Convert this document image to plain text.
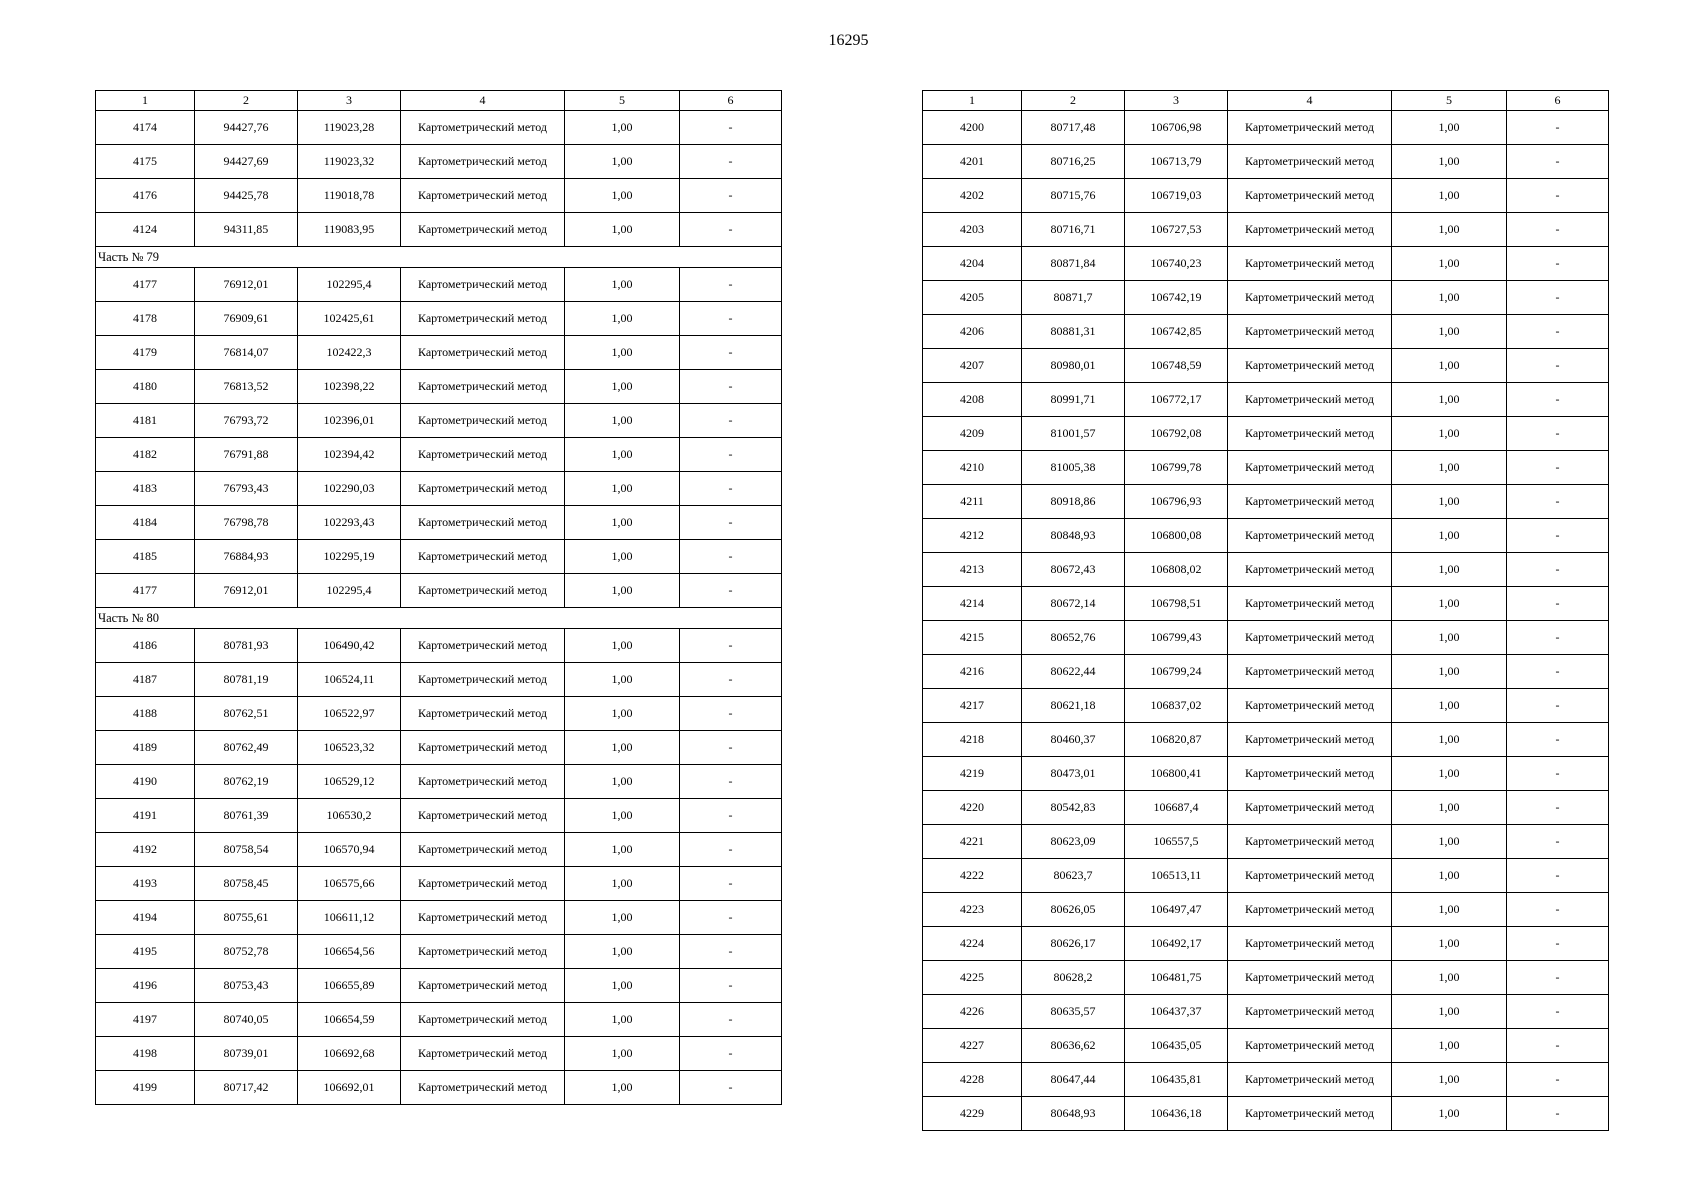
16295
1	2	3	4	5	6
4174	94427,76	119023,28	Картометрический метод	1,00	-
4175	94427,69	119023,32	Картометрический метод	1,00	-
4176	94425,78	119018,78	Картометрический метод	1,00	-
4124	94311,85	119083,95	Картометрический метод	1,00	-
Часть № 79					
4177	76912,01	102295,4	Картометрический метод	1,00	-
4178	76909,61	102425,61	Картометрический метод	1,00	-
4179	76814,07	102422,3	Картометрический метод	1,00	-
4180	76813,52	102398,22	Картометрический метод	1,00	-
4181	76793,72	102396,01	Картометрический метод	1,00	-
4182	76791,88	102394,42	Картометрический метод	1,00	-
4183	76793,43	102290,03	Картометрический метод	1,00	-
4184	76798,78	102293,43	Картометрический метод	1,00	-
4185	76884,93	102295,19	Картометрический метод	1,00	-
4177	76912,01	102295,4	Картометрический метод	1,00	-
Часть № 80					
4186	80781,93	106490,42	Картометрический метод	1,00	-
4187	80781,19	106524,11	Картометрический метод	1,00	-
4188	80762,51	106522,97	Картометрический метод	1,00	-
4189	80762,49	106523,32	Картометрический метод	1,00	-
4190	80762,19	106529,12	Картометрический метод	1,00	-
4191	80761,39	106530,2	Картометрический метод	1,00	-
4192	80758,54	106570,94	Картометрический метод	1,00	-
4193	80758,45	106575,66	Картометрический метод	1,00	-
4194	80755,61	106611,12	Картометрический метод	1,00	-
4195	80752,78	106654,56	Картометрический метод	1,00	-
4196	80753,43	106655,89	Картометрический метод	1,00	-
4197	80740,05	106654,59	Картометрический метод	1,00	-
4198	80739,01	106692,68	Картометрический метод	1,00	-
4199	80717,42	106692,01	Картометрический метод	1,00	-
1	2	3	4	5	6
4200	80717,48	106706,98	Картометрический метод	1,00	-
4201	80716,25	106713,79	Картометрический метод	1,00	-
4202	80715,76	106719,03	Картометрический метод	1,00	-
4203	80716,71	106727,53	Картометрический метод	1,00	-
4204	80871,84	106740,23	Картометрический метод	1,00	-
4205	80871,7	106742,19	Картометрический метод	1,00	-
4206	80881,31	106742,85	Картометрический метод	1,00	-
4207	80980,01	106748,59	Картометрический метод	1,00	-
4208	80991,71	106772,17	Картометрический метод	1,00	-
4209	81001,57	106792,08	Картометрический метод	1,00	-
4210	81005,38	106799,78	Картометрический метод	1,00	-
4211	80918,86	106796,93	Картометрический метод	1,00	-
4212	80848,93	106800,08	Картометрический метод	1,00	-
4213	80672,43	106808,02	Картометрический метод	1,00	-
4214	80672,14	106798,51	Картометрический метод	1,00	-
4215	80652,76	106799,43	Картометрический метод	1,00	-
4216	80622,44	106799,24	Картометрический метод	1,00	-
4217	80621,18	106837,02	Картометрический метод	1,00	-
4218	80460,37	106820,87	Картометрический метод	1,00	-
4219	80473,01	106800,41	Картометрический метод	1,00	-
4220	80542,83	106687,4	Картометрический метод	1,00	-
4221	80623,09	106557,5	Картометрический метод	1,00	-
4222	80623,7	106513,11	Картометрический метод	1,00	-
4223	80626,05	106497,47	Картометрический метод	1,00	-
4224	80626,17	106492,17	Картометрический метод	1,00	-
4225	80628,2	106481,75	Картометрический метод	1,00	-
4226	80635,57	106437,37	Картометрический метод	1,00	-
4227	80636,62	106435,05	Картометрический метод	1,00	-
4228	80647,44	106435,81	Картометрический метод	1,00	-
4229	80648,93	106436,18	Картометрический метод	1,00	-
